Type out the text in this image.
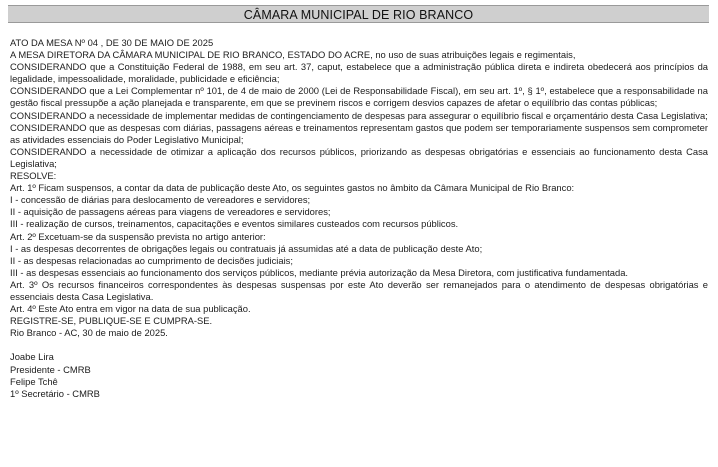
CÂMARA MUNICIPAL DE RIO BRANCO
ATO DA MESA Nº 04 , DE 30 DE MAIO DE 2025
A MESA DIRETORA DA CÂMARA MUNICIPAL DE RIO BRANCO, ESTADO DO ACRE, no uso de suas atribuições legais e regimentais,
CONSIDERANDO que a Constituição Federal de 1988, em seu art. 37, caput, estabelece que a administração pública direta e indireta obedecerá aos princípios da legalidade, impessoalidade, moralidade, publicidade e eficiência;
CONSIDERANDO que a Lei Complementar nº 101, de 4 de maio de 2000 (Lei de Responsabilidade Fiscal), em seu art. 1º, § 1º, estabelece que a responsabilidade na gestão fiscal pressupõe a ação planejada e transparente, em que se previnem riscos e corrigem desvios capazes de afetar o equilíbrio das contas públicas;
CONSIDERANDO a necessidade de implementar medidas de contingenciamento de despesas para assegurar o equilíbrio fiscal e orçamentário desta Casa Legislativa;
CONSIDERANDO que as despesas com diárias, passagens aéreas e treinamentos representam gastos que podem ser temporariamente suspensos sem comprometer as atividades essenciais do Poder Legislativo Municipal;
CONSIDERANDO a necessidade de otimizar a aplicação dos recursos públicos, priorizando as despesas obrigatórias e essenciais ao funcionamento desta Casa Legislativa;
RESOLVE:
Art. 1º Ficam suspensos, a contar da data de publicação deste Ato, os seguintes gastos no âmbito da Câmara Municipal de Rio Branco:
I - concessão de diárias para deslocamento de vereadores e servidores;
II - aquisição de passagens aéreas para viagens de vereadores e servidores;
III - realização de cursos, treinamentos, capacitações e eventos similares custeados com recursos públicos.
Art. 2º Excetuam-se da suspensão prevista no artigo anterior:
I - as despesas decorrentes de obrigações legais ou contratuais já assumidas até a data de publicação deste Ato;
II - as despesas relacionadas ao cumprimento de decisões judiciais;
III - as despesas essenciais ao funcionamento dos serviços públicos, mediante prévia autorização da Mesa Diretora, com justificativa fundamentada.
Art. 3º Os recursos financeiros correspondentes às despesas suspensas por este Ato deverão ser remanejados para o atendimento de despesas obrigatórias e essenciais desta Casa Legislativa.
Art. 4º Este Ato entra em vigor na data de sua publicação.
REGISTRE-SE, PUBLIQUE-SE E CUMPRA-SE.
Rio Branco - AC, 30 de maio de 2025.
Joabe Lira
Presidente - CMRB
Felipe Tchê
1º Secretário - CMRB
